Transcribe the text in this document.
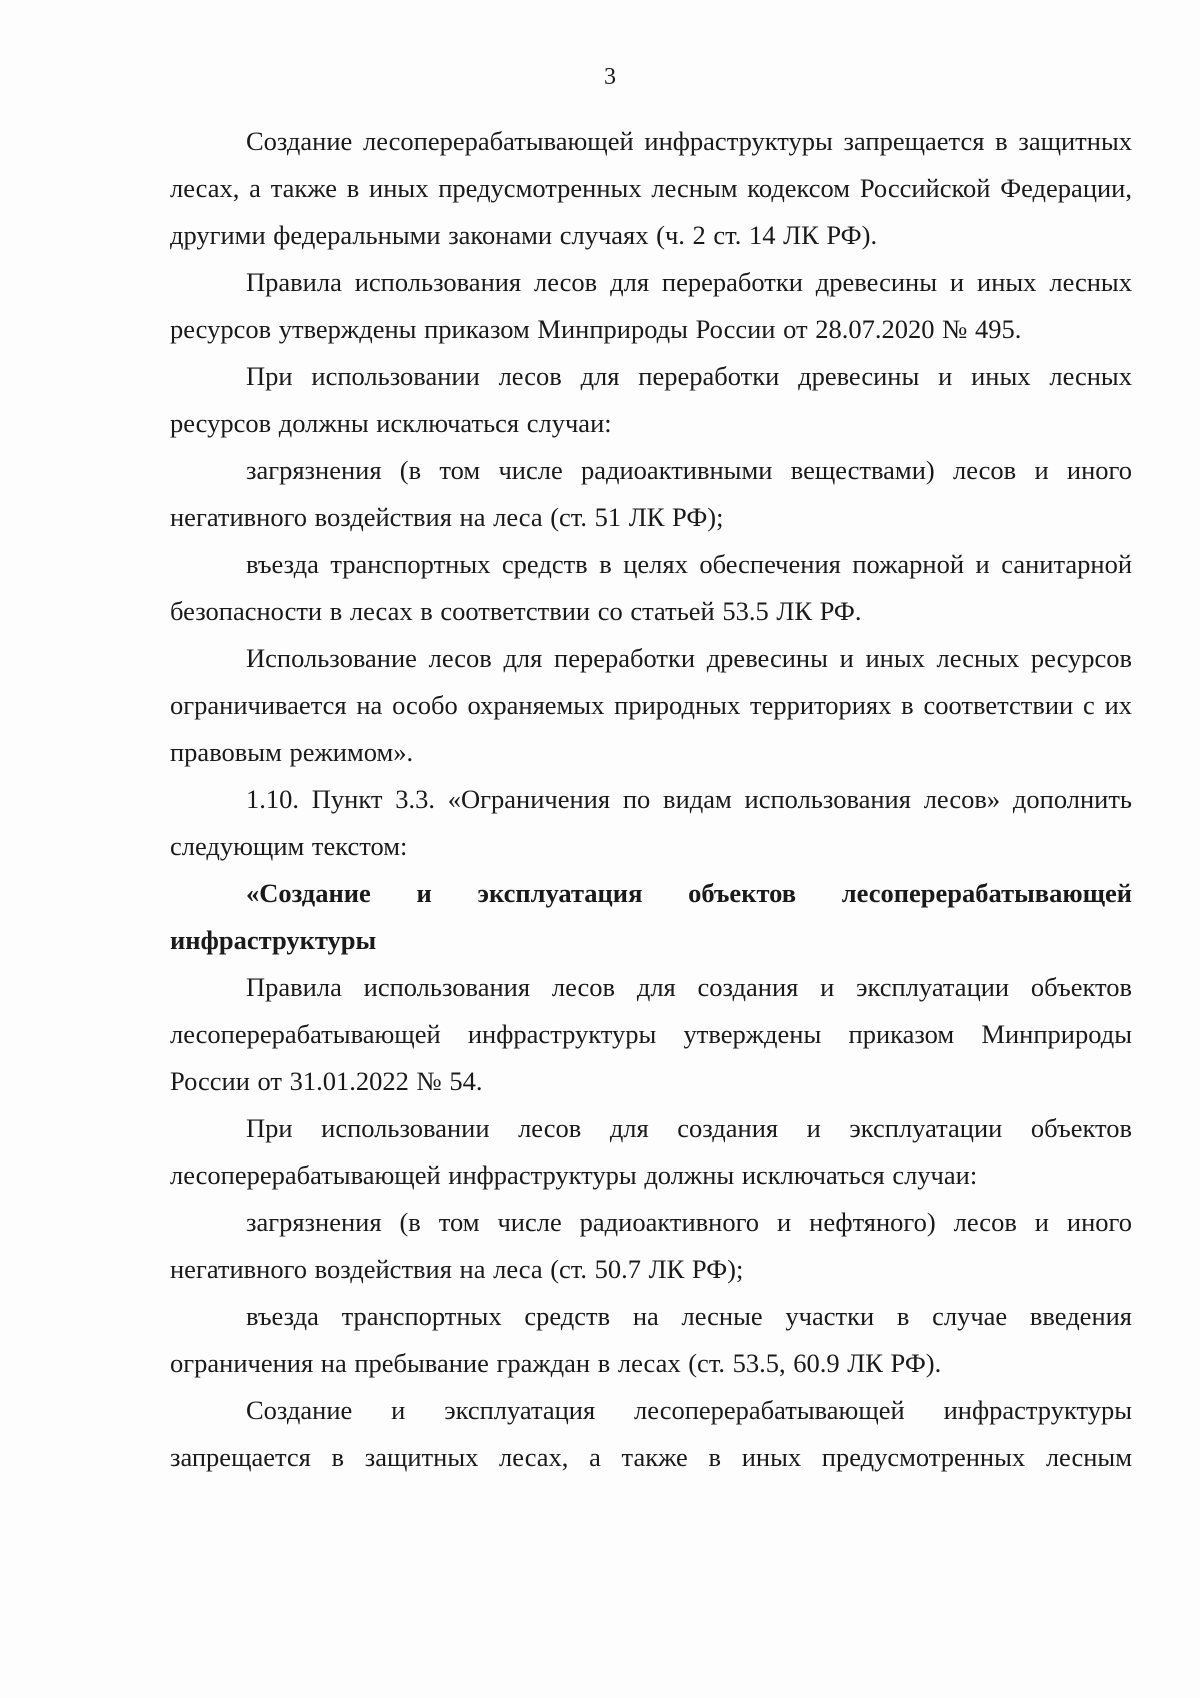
3

Создание лесоперерабатывающей инфраструктуры запрещается в защитных лесах, а также в иных предусмотренных лесным кодексом Российской Федерации, другими федеральными законами случаях (ч. 2 ст. 14 ЛК РФ).

Правила использования лесов для переработки древесины и иных лесных ресурсов утверждены приказом Минприроды России от 28.07.2020 № 495.

При использовании лесов для переработки древесины и иных лесных ресурсов должны исключаться случаи:

загрязнения (в том числе радиоактивными веществами) лесов и иного негативного воздействия на леса (ст. 51 ЛК РФ);

въезда транспортных средств в целях обеспечения пожарной и санитарной безопасности в лесах в соответствии со статьей 53.5 ЛК РФ.

Использование лесов для переработки древесины и иных лесных ресурсов ограничивается на особо охраняемых природных территориях в соответствии с их правовым режимом».

1.10. Пункт 3.3. «Ограничения по видам использования лесов» дополнить следующим текстом:

«Создание и эксплуатация объектов лесоперерабатывающей инфраструктуры

Правила использования лесов для создания и эксплуатации объектов лесоперерабатывающей инфраструктуры утверждены приказом Минприроды России от 31.01.2022 № 54.

При использовании лесов для создания и эксплуатации объектов лесоперерабатывающей инфраструктуры должны исключаться случаи:

загрязнения (в том числе радиоактивного и нефтяного) лесов и иного негативного воздействия на леса (ст. 50.7 ЛК РФ);

въезда транспортных средств на лесные участки в случае введения ограничения на пребывание граждан в лесах (ст. 53.5, 60.9 ЛК РФ).

Создание и эксплуатация лесоперерабатывающей инфраструктуры запрещается в защитных лесах, а также в иных предусмотренных лесным
